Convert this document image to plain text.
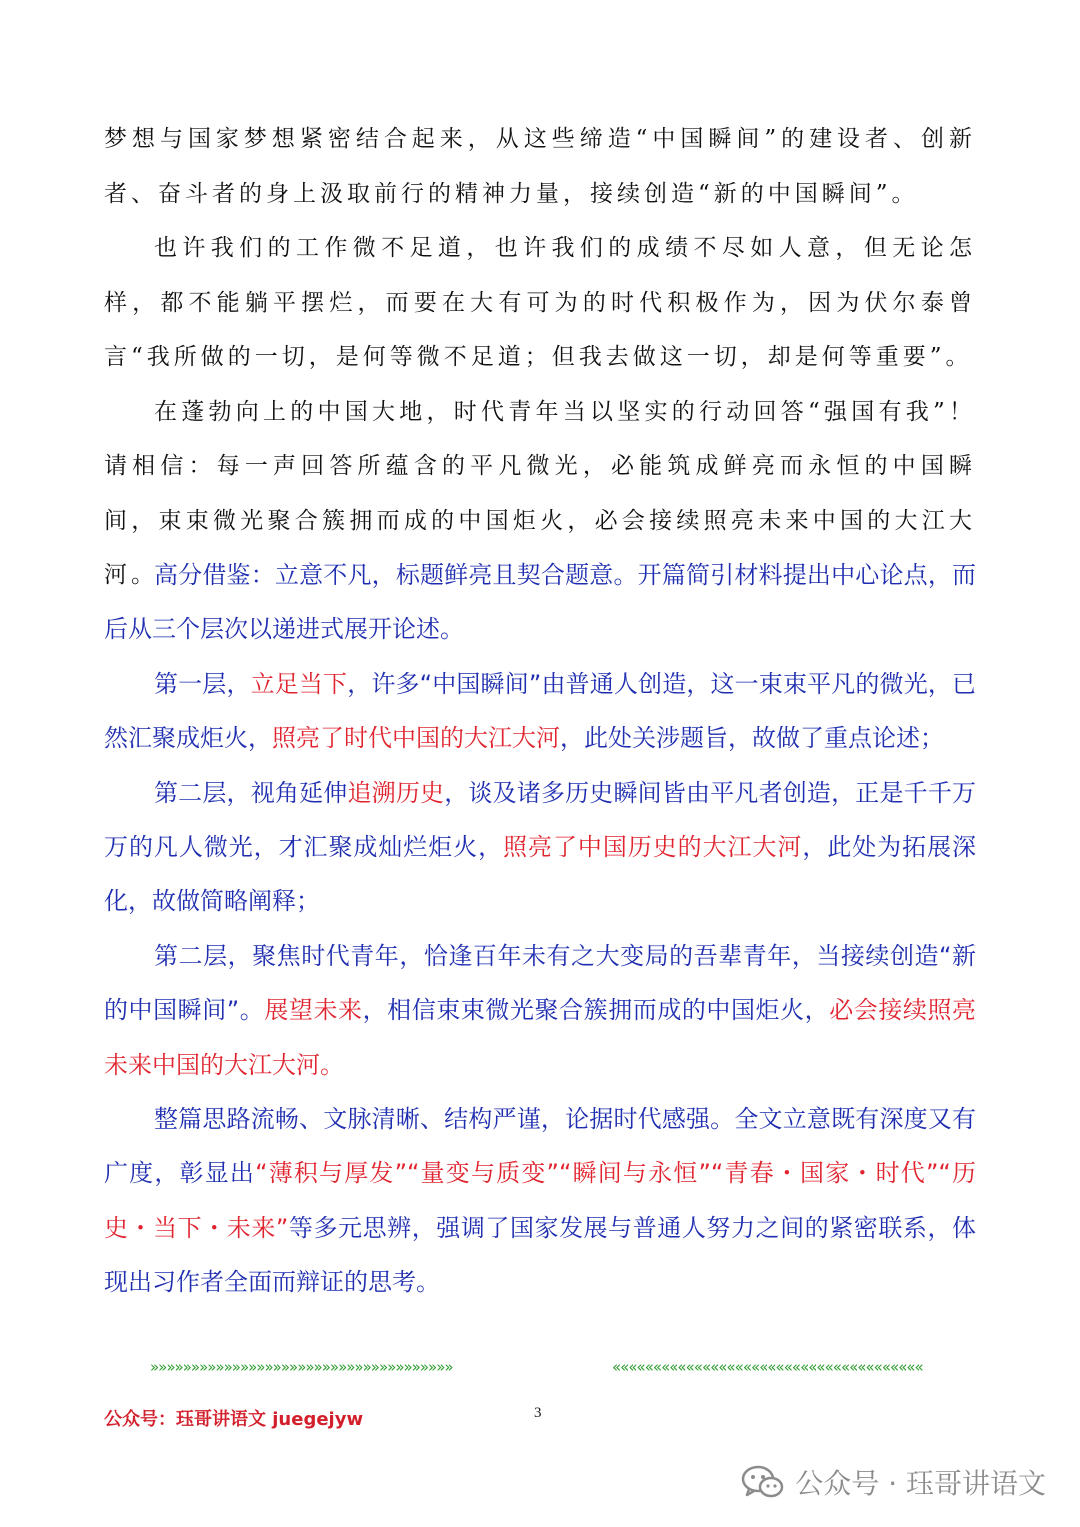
梦想与国家梦想紧密结合起来，从这些缔造“中国瞬间”的建设者、创新者、奋斗者的身上汲取前行的精神力量，接续创造“新的中国瞬间”。

也许我们的工作微不足道，也许我们的成绩不尽如人意，但无论怎样，都不能躺平摆烂，而要在大有可为的时代积极作为，因为伏尔泰曾言“我所做的一切，是何等微不足道；但我去做这一切，却是何等重要”。

在蓬勃向上的中国大地，时代青年当以坚实的行动回答“强国有我”！请相信：每一声回答所蕴含的平凡微光，必能筑成鲜亮而永恒的中国瞬间，束束微光聚合簇拥而成的中国炬火，必会接续照亮未来中国的大江大河。

高分借鉴：立意不凡，标题鲜亮且契合题意。开篇简引材料提出中心论点，而后从三个层次以递进式展开论述。

第一层，立足当下，许多“中国瞬间”由普通人创造，这一束束平凡的微光，已然汇聚成炬火，照亮了时代中国的大江大河，此处关涉题旨，故做了重点论述；

第二层，视角延伸追溯历史，谈及诸多历史瞬间皆由平凡者创造，正是千千万万的凡人微光，才汇聚成灿烂炬火，照亮了中国历史的大江大河，此处为拓展深化，故做简略阐释；

第二层，聚焦时代青年，恰逢百年未有之大变局的吾辈青年，当接续创造“新的中国瞬间”。展望未来，相信束束微光聚合簇拥而成的中国炬火，必会接续照亮未来中国的大江大河。

整篇思路流畅、文脉清晰、结构严谨，论据时代感强。全文立意既有深度又有广度，彰显出“薄积与厚发”“量变与质变”“瞬间与永恒”“青春・国家・时代”“历史・当下・未来”等多元思辨，强调了国家发展与普通人努力之间的紧密联系，体现出习作者全面而辩证的思考。

»»»»»»»»»»»»»»»»»»»»»»»»»»»»»»»»»»»»»	««««««««««««««««««««««««««««««««««««««
公众号：珏哥讲语文 juegejyw	3
公众号 · 珏哥讲语文
